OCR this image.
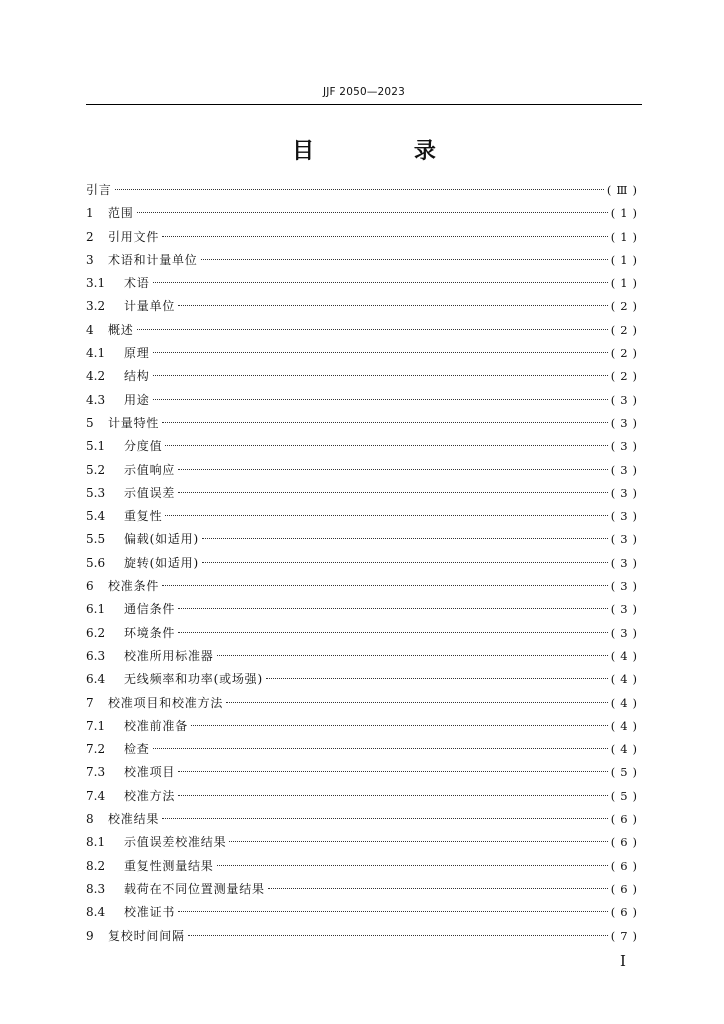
JJF 2050—2023
目 录
引言	(Ⅲ)
1	范围	(1)
2	引用文件	(1)
3	术语和计量单位	(1)
3.1	术语	(1)
3.2	计量单位	(2)
4	概述	(2)
4.1	原理	(2)
4.2	结构	(2)
4.3	用途	(3)
5	计量特性	(3)
5.1	分度值	(3)
5.2	示值响应	(3)
5.3	示值误差	(3)
5.4	重复性	(3)
5.5	偏载(如适用)	(3)
5.6	旋转(如适用)	(3)
6	校准条件	(3)
6.1	通信条件	(3)
6.2	环境条件	(3)
6.3	校准所用标准器	(4)
6.4	无线频率和功率(或场强)	(4)
7	校准项目和校准方法	(4)
7.1	校准前准备	(4)
7.2	检查	(4)
7.3	校准项目	(5)
7.4	校准方法	(5)
8	校准结果	(6)
8.1	示值误差校准结果	(6)
8.2	重复性测量结果	(6)
8.3	载荷在不同位置测量结果	(6)
8.4	校准证书	(6)
9	复校时间间隔	(7)
Ⅰ
